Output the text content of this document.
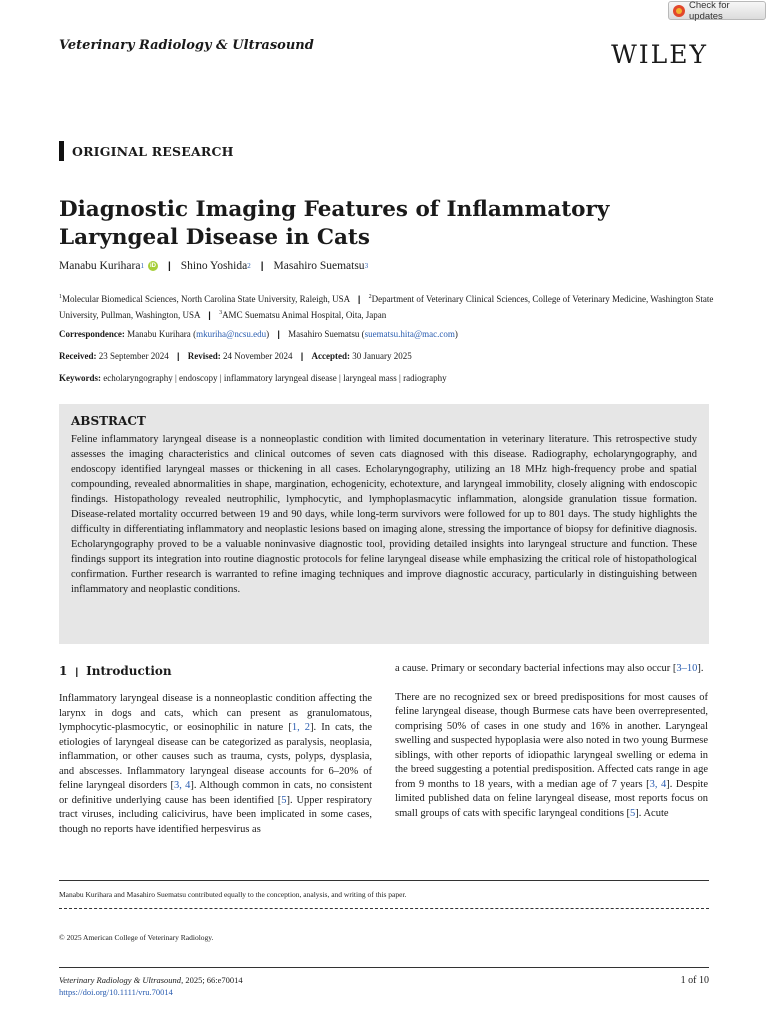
Check for updates
Veterinary Radiology & Ultrasound	WILEY
ORIGINAL RESEARCH
Diagnostic Imaging Features of Inflammatory Laryngeal Disease in Cats
Manabu Kurihara 1	iD | Shino Yoshida 2 | Masahiro Suematsu 3
$^1$Molecular Biomedical Sciences, North Carolina State University, Raleigh, USA | $^2$Department of Veterinary Clinical Sciences, College of Veterinary Medicine, Washington State University, Pullman, Washington, USA | $^3$AMC Suematsu Animal Hospital, Oita, Japan
Correspondence: Manabu Kurihara (mkuriha@ncsu.edu) | Masahiro Suematsu (suematsu.hita@mac.com)
Received: 23 September 2024 | Revised: 24 November 2024 | Accepted: 30 January 2025
Keywords: echolaryngography | endoscopy | inflammatory laryngeal disease | laryngeal mass | radiography
ABSTRACT
Feline inflammatory laryngeal disease is a nonneoplastic condition with limited documentation in veterinary literature. This retrospective study assesses the imaging characteristics and clinical outcomes of seven cats diagnosed with this disease. Radiography, echolaryngography, and endoscopy identified laryngeal masses or thickening in all cases. Echolaryngography, utilizing an 18 MHz high-frequency probe and spatial compounding, revealed abnormalities in shape, margination, echogenicity, echotexture, and laryngeal immobility, closely aligning with endoscopic findings. Histopathology revealed neutrophilic, lymphocytic, and lymphoplasmacytic inflammation, alongside granulation tissue formation. Disease-related mortality occurred between 19 and 90 days, while long-term survivors were followed for up to 801 days. The study highlights the difficulty in differentiating inflammatory and neoplastic lesions based on imaging alone, stressing the importance of biopsy for definitive diagnosis. Echolaryngography proved to be a valuable noninvasive diagnostic tool, providing detailed insights into laryngeal structure and function. These findings support its integration into routine diagnostic protocols for feline laryngeal disease while emphasizing the critical role of histopathological confirmation. Further research is warranted to refine imaging techniques and improve diagnostic accuracy, particularly in distinguishing between inflammatory and neoplastic conditions.
1 | Introduction

Inflammatory laryngeal disease is a nonneoplastic condition affecting the larynx in dogs and cats, which can present as granulomatous, lymphocytic-plasmocytic, or eosinophilic in nature [1, 2]. In cats, the etiologies of laryngeal disease can be categorized as paralysis, neoplasia, inflammation, or other causes such as trauma, cysts, polyps, dysplasia, and abscesses. Inflammatory laryngeal disease accounts for 6–20% of feline laryngeal disorders [3, 4]. Although common in cats, no consistent or definitive underlying cause has been identified [5]. Upper respiratory tract viruses, including calicivirus, have been implicated in some cases, though no reports have identified herpesvirus as

a cause. Primary or secondary bacterial infections may also occur [3–10].

There are no recognized sex or breed predispositions for most causes of feline laryngeal disease, though Burmese cats have been overrepresented, comprising 50% of cases in one study and 16% in another. Laryngeal swelling and suspected hypoplasia were also noted in two young Burmese siblings, with other reports of idiopathic laryngeal swelling or edema in the breed suggesting a potential predisposition. Affected cats range in age from 9 months to 18 years, with a median age of 7 years [3, 4]. Despite limited published data on feline laryngeal disease, most reports focus on small groups of cats with specific laryngeal conditions [5]. Acute

Manabu Kurihara and Masahiro Suematsu contributed equally to the conception, analysis, and writing of this paper.
© 2025 American College of Veterinary Radiology.
Veterinary Radiology & Ultrasound, 2025; 66:e70014
https://doi.org/10.1111/vru.70014
1 of 10
